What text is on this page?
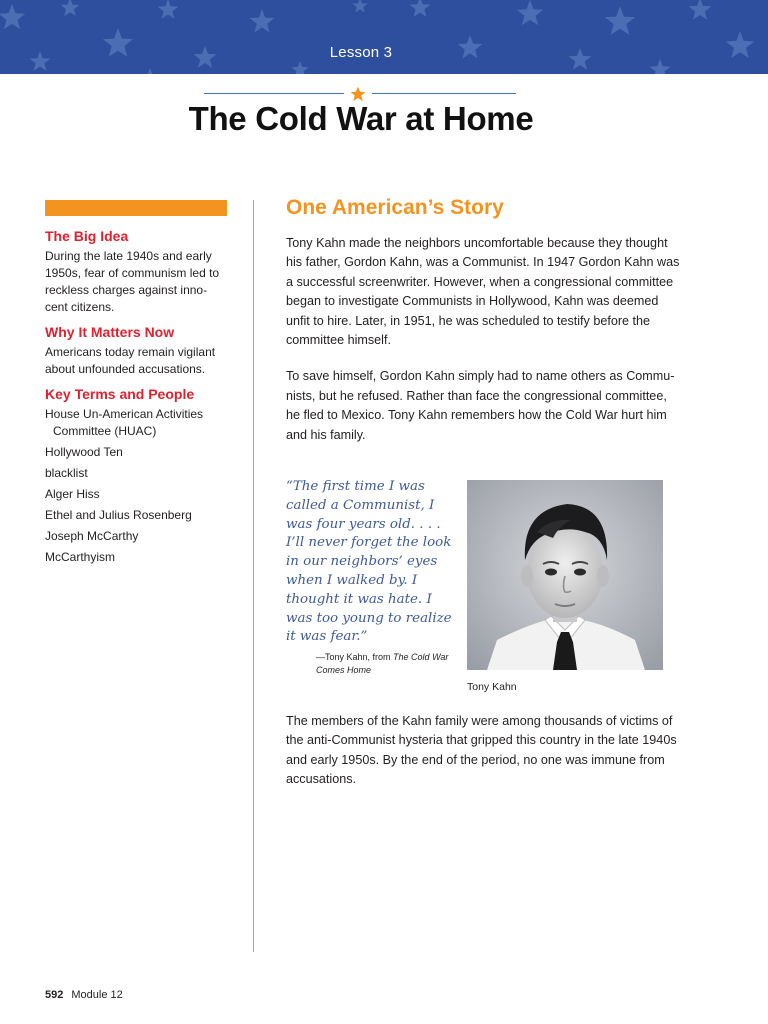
Lesson 3
The Cold War at Home
The Big Idea

During the late 1940s and early 1950s, fear of communism led to reckless charges against inno-cent citizens.

Why It Matters Now

Americans today remain vigilant about unfounded accusations.

Key Terms and People
House Un-American Activities Committee (HUAC)
Hollywood Ten
blacklist
Alger Hiss
Ethel and Julius Rosenberg
Joseph McCarthy
McCarthyism
One American’s Story

Tony Kahn made the neighbors uncomfortable because they thought his father, Gordon Kahn, was a Communist. In 1947 Gordon Kahn was a successful screenwriter. However, when a congressional committee began to investigate Communists in Hollywood, Kahn was deemed unfit to hire. Later, in 1951, he was scheduled to testify before the committee himself.

To save himself, Gordon Kahn simply had to name others as Commu-nists, but he refused. Rather than face the congressional committee, he fled to Mexico. Tony Kahn remembers how the Cold War hurt him and his family.

“The first time I was called a Communist, I was four years old. . . . I’ll never forget the look in our neighbors’ eyes when I walked by. I thought it was hate. I was too young to realize it was fear.”

—Tony Kahn, from The Cold War Comes Home

Tony Kahn

The members of the Kahn family were among thousands of victims of the anti-Communist hysteria that gripped this country in the late 1940s and early 1950s. By the end of the period, no one was immune from accusations.

592 Module 12
